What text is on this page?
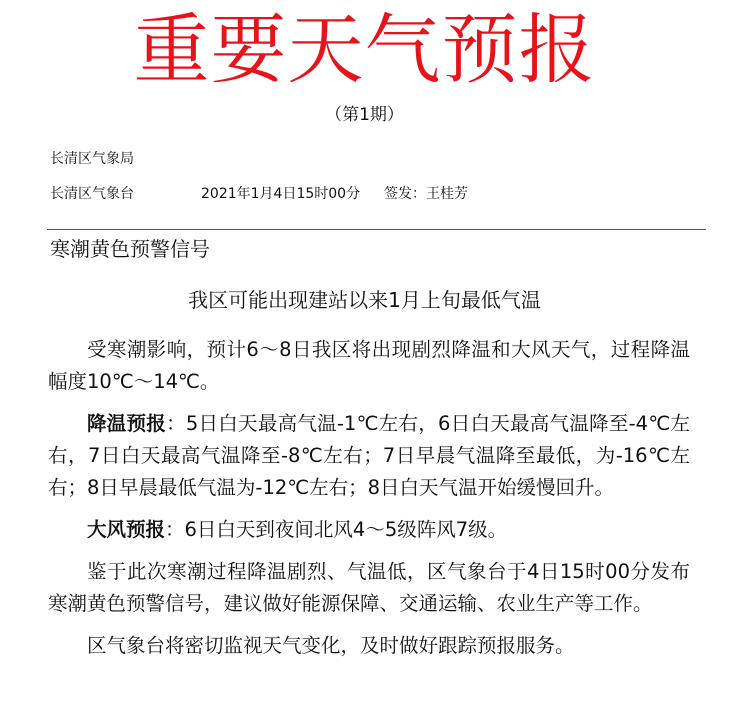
重要天气预报
（第1期）
长清区气象局
长清区气象台	2021年1月4日15时00分 签发：王桂芳
寒潮黄色预警信号
我区可能出现建站以来1月上旬最低气温

受寒潮影响，预计6～8日我区将出现剧烈降温和大风天气，过程降温幅度10℃～14℃。

降温预报：5日白天最高气温-1℃左右，6日白天最高气温降至-4℃左右，7日白天最高气温降至-8℃左右；7日早晨气温降至最低，为-16℃左右；8日早晨最低气温为-12℃左右；8日白天气温开始缓慢回升。

大风预报：6日白天到夜间北风4～5级阵风7级。

鉴于此次寒潮过程降温剧烈、气温低，区气象台于4日15时00分发布寒潮黄色预警信号，建议做好能源保障、交通运输、农业生产等工作。

区气象台将密切监视天气变化，及时做好跟踪预报服务。
